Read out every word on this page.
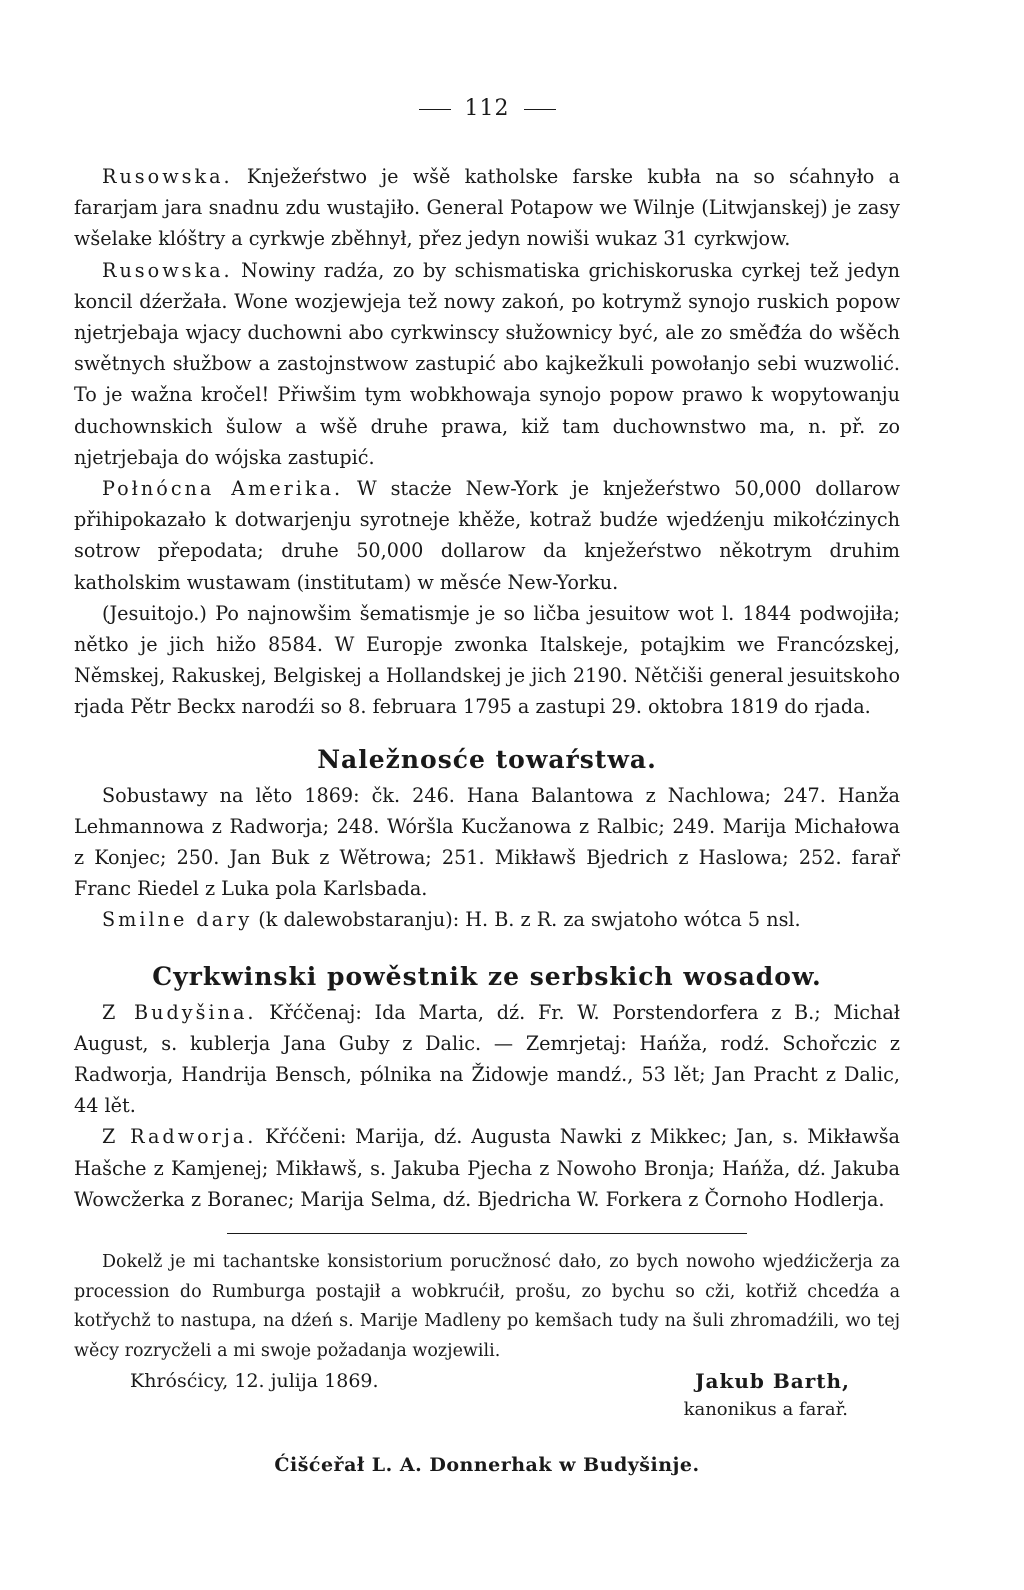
112

Rusowska. Knježeŕstwo je wšě katholske farske kubła na so sćahnyło a fararjam jara snadnu zdu wustajiło. General Potapow we Wilnje (Litwjanskej) je zasy wšelake klóštry a cyrkwje zběhnył, přez jedyn nowiši wukaz 31 cyrkwjow.

Rusowska. Nowiny radźa, zo by schismatiska grichiskoruska cyrkej tež jedyn koncil dźeržała. Wone wozjewjeja tež nowy zakoń, po kotrymž synojo ruskich popow njetrjebaja wjacy duchowni abo cyrkwinscy słužownicy być, ale zo směđźa do wšěch swětnych słužbow a zastojnstwow zastupić abo kajkežkuli powołanjo sebi wuzwolić. To je wažna kročel! Přiwšim tym wobkhowaja synojo popow prawo k wopytowanju duchownskich šulow a wšě druhe prawa, kiž tam duchownstwo ma, n. př. zo njetrjebaja do wójska zastupić.

Połnócna Amerika. W stacże New-York je knježeŕstwo 50,000 dollarow přihipokazało k dotwarjenju syrotneje khěže, kotraž budźe wjedźenju mikołćzinych sotrow přepodata; druhe 50,000 dollarow da knježeŕstwo někotrym druhim katholskim wustawam (institutam) w měsće New-Yorku.

(Jesuitojo.) Po najnowšim šematismje je so ličba jesuitow wot l. 1844 podwojiła; nětko je jich hižo 8584. W Europje zwonka Italskeje, potajkim we Francózskej, Němskej, Rakuskej, Belgiskej a Hollandskej je jich 2190. Nětčiši general jesuitskoho rjada Pětr Beckx narodźi so 8. februara 1795 a zastupi 29. oktobra 1819 do rjada.

Naležnosće towaŕstwa.

Sobustawy na lěto 1869: čk. 246. Hana Balantowa z Nachlowa; 247. Hanža Lehmannowa z Radworja; 248. Wóršla Kucžanowa z Ralbic; 249. Marija Michałowa z Konjec; 250. Jan Buk z Wětrowa; 251. Mikławš Bjedrich z Haslowa; 252. farař Franc Riedel z Luka pola Karlsbada.

Smilne dary (k dalewobstaranju): H. B. z R. za swjatoho wótca 5 nsl.

Cyrkwinski powěstnik ze serbskich wosadow.

Z Budyšina. Křćčenaj: Ida Marta, dź. Fr. W. Porstendorfera z B.; Michał August, s. kublerja Jana Guby z Dalic. — Zemrjetaj: Hańža, rodź. Schořczic z Radworja, Handrija Bensch, pólnika na Židowje mandź., 53 lět; Jan Pracht z Dalic, 44 lět.

Z Radworja. Křćčeni: Marija, dź. Augusta Nawki z Mikkec; Jan, s. Mikławša Hašche z Kamjenej; Mikławš, s. Jakuba Pjecha z Nowoho Bronja; Hańža, dź. Jakuba Wowcžerka z Boranec; Marija Selma, dź. Bjedricha W. Forkera z Čornoho Hodlerja.

Dokelž je mi tachantske konsistorium porucžnosć dało, zo bych nowoho wjedźicžerja za procession do Rumburga postajił a wobkrućił, prošu, zo bychu so cži, kotřiž chcedźa a kotřychž to nastupa, na dźeń s. Marije Madleny po kemšach tudy na šuli zhromadźili, wo tej wěcy rozrycželi a mi swoje požadanja wozjewili.

Khrósćicy, 12. julija 1869.	Jakub Barth,
kanonikus a farař.
Ćišćeřał L. A. Donnerhak w Budyšinje.
